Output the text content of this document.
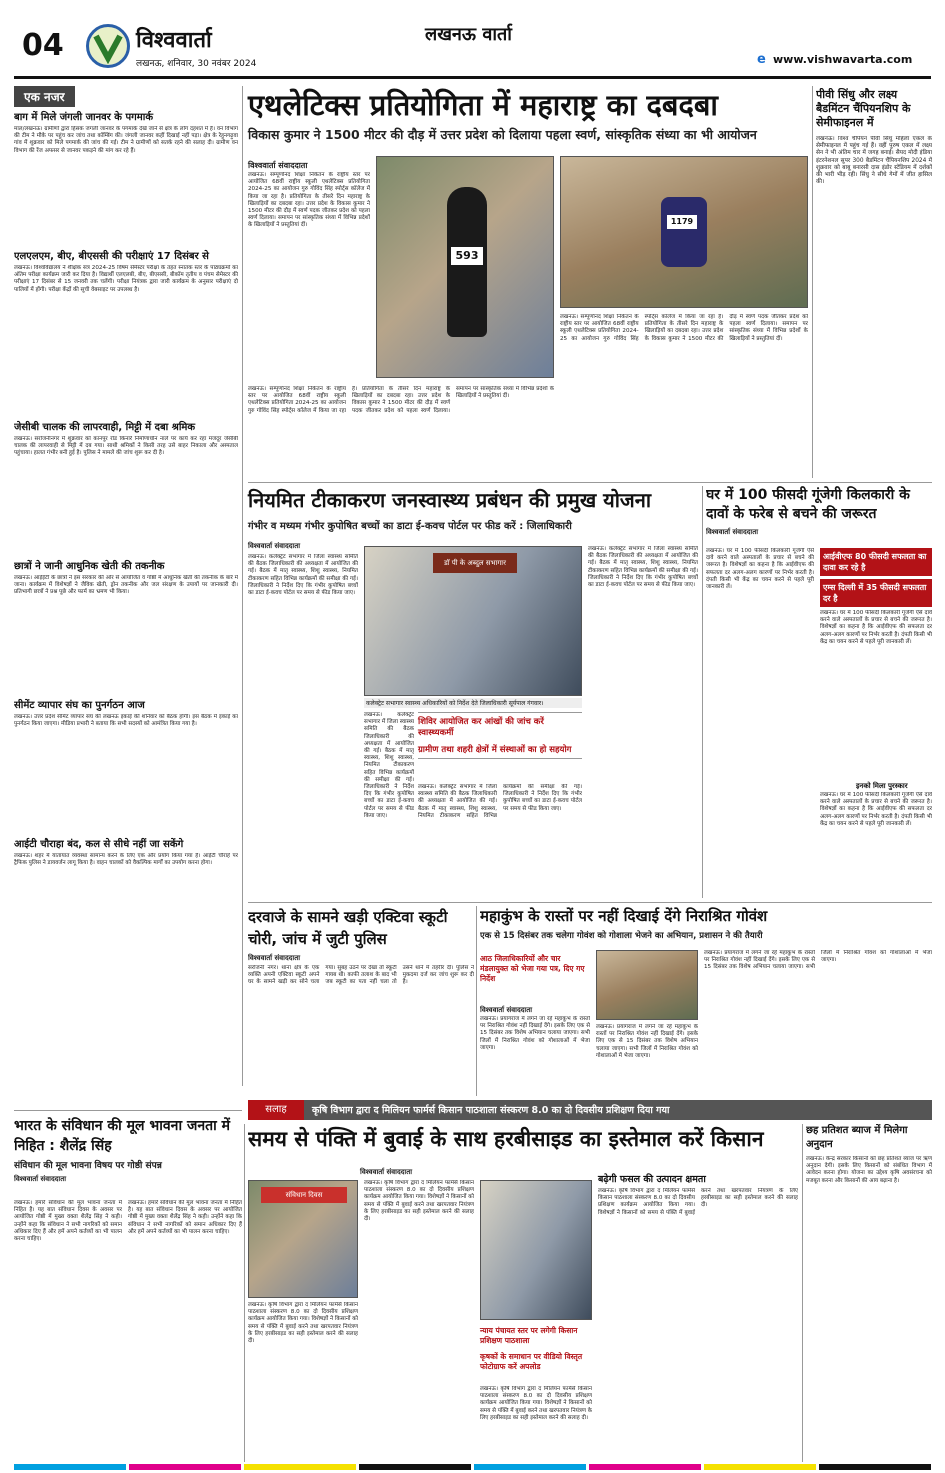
04	विश्ववार्ता
लखनऊ, शनिवार, 30 नवंबर 2024
लखनऊ वार्ता
e www.vishwavarta.com
एक नजर
बाग में मिले जंगली जानवर के पगमार्क
माल/लखनऊ। ग्रामीणों द्वारा हिंसक जंगली जानवर के पगमार्क देखे जाने से क्षेत्र के लोग दहशत में हैं। वन विभाग की टीम ने मौके पर पहुंच कर जांच तथा कॉम्बिंग की। जंगली जानवर कहीं दिखाई नहीं पड़ा। क्षेत्र के रेहुनगढ़ुवा गांव में शुक्रवार को मिले पगमार्क की जांच की गई। टीम ने ग्रामीणों को सतर्क रहने की सलाह दी। ग्रामीण वन विभाग की रेंज अफसर से जानवर पकड़ने की मांग कर रहे हैं।
एलएलएम, बीए, बीएससी की परीक्षाएं 17 दिसंबर से
लखनऊ। विश्वविद्यालय ने शैक्षिक सत्र 2024-25 विषम सेमेस्टर परीक्षा के तहत स्नातक स्तर के पाठ्यक्रमों का अंतिम परीक्षा कार्यक्रम जारी कर दिया है। विद्यार्थी एलएलबी, बीए, बीएससी, बीकॉम तृतीय व पंचम सेमेस्टर की परीक्षाएं 17 दिसंबर से 15 जनवरी तक चलेंगी। परीक्षा नियंत्रक द्वारा जारी कार्यक्रम के अनुसार परीक्षाएं दो पालियों में होंगी। परीक्षा केंद्रों की सूची वेबसाइट पर उपलब्ध है।
जेसीबी चालक की लापरवाही, मिट्टी में दबा श्रमिक
लखनऊ। सरोजनीनगर में शुक्रवार को कानपुर रोड किनारे निर्माणाधीन नाले पर कार्य कर रहा मजदूर जेसीबी चालक की लापरवाही से मिट्टी में दब गया। साथी श्रमिकों ने किसी तरह उसे बाहर निकाला और अस्पताल पहुंचाया। हालत गंभीर बनी हुई है। पुलिस ने मामले की जांच शुरू कर दी है।
छात्रों ने जानी आधुनिक खेती की तकनीक
लखनऊ। आईईटी के छात्रों ने इस सरकार की ओर से आयोजित व गोष्ठी में आधुनिक खेती की तकनीक के बारे में जाना। कार्यक्रम में विशेषज्ञों ने जैविक खेती, ड्रोन तकनीक और जल संरक्षण के उपायों पर जानकारी दी। प्रतिभागी छात्रों ने प्रश्न पूछे और फार्म का भ्रमण भी किया।
सीमेंट व्यापार संघ का पुनर्गठन आज
लखनऊ। उत्तर प्रदेश सीमेंट व्यापार संघ की लखनऊ इकाई की शनिवार को बैठक होगी। इस बैठक में इकाई का पुनर्गठन किया जाएगा। मीडिया प्रभारी ने बताया कि सभी सदस्यों को आमंत्रित किया गया है।
आईटी चौराहा बंद, कल से सीधे नहीं जा सकेंगे
लखनऊ। शहर में यातायात व्यवस्था सामान्य करने के लिए एक और प्रयोग किया गया है। आईटी चौराहे पर ट्रैफिक पुलिस ने डायवर्जन लागू किया है। वाहन चालकों को वैकल्पिक मार्गों का उपयोग करना होगा।
एथलेटिक्स प्रतियोगिता में महाराष्ट्र का दबदबा
विकास कुमार ने 1500 मीटर की दौड़ में उत्तर प्रदेश को दिलाया पहला स्वर्ण, सांस्कृतिक संध्या का भी आयोजन
विश्ववार्ता संवाददाता
लखनऊ। सम्पूर्णानंद शिक्षा निकेतन के राष्ट्रीय स्तर पर आयोजित 68वीं राष्ट्रीय स्कूली एथलेटिक्स प्रतियोगिता 2024-25 का आयोजन गुरु गोविंद सिंह स्पोर्ट्स कॉलेज में किया जा रहा है। प्रतियोगिता के तीसरे दिन महाराष्ट्र के खिलाड़ियों का दबदबा रहा। उत्तर प्रदेश के विकास कुमार ने 1500 मीटर की दौड़ में स्वर्ण पदक जीतकर प्रदेश को पहला स्वर्ण दिलाया। समापन पर सांस्कृतिक संध्या में विभिन्न प्रदेशों के खिलाड़ियों ने प्रस्तुतियां दीं।
593
1179
लखनऊ। सम्पूर्णानंद शिक्षा निकेतन के राष्ट्रीय स्तर पर आयोजित 68वीं राष्ट्रीय स्कूली एथलेटिक्स प्रतियोगिता 2024-25 का आयोजन गुरु गोविंद सिंह स्पोर्ट्स कॉलेज में किया जा रहा है। प्रतियोगिता के तीसरे दिन महाराष्ट्र के खिलाड़ियों का दबदबा रहा। उत्तर प्रदेश के विकास कुमार ने 1500 मीटर की दौड़ में स्वर्ण पदक जीतकर प्रदेश को पहला स्वर्ण दिलाया। समापन पर सांस्कृतिक संध्या में विभिन्न प्रदेशों के खिलाड़ियों ने प्रस्तुतियां दीं।
लखनऊ। सम्पूर्णानंद शिक्षा निकेतन के राष्ट्रीय स्तर पर आयोजित 68वीं राष्ट्रीय स्कूली एथलेटिक्स प्रतियोगिता 2024-25 का आयोजन गुरु गोविंद सिंह स्पोर्ट्स कॉलेज में किया जा रहा है। प्रतियोगिता के तीसरे दिन महाराष्ट्र के खिलाड़ियों का दबदबा रहा। उत्तर प्रदेश के विकास कुमार ने 1500 मीटर की दौड़ में स्वर्ण पदक जीतकर प्रदेश को पहला स्वर्ण दिलाया। समापन पर सांस्कृतिक संध्या में विभिन्न प्रदेशों के खिलाड़ियों ने प्रस्तुतियां दीं।
पीवी सिंधु और लक्ष्य बैडमिंटन चैंपियनशिप के सेमीफाइनल में
लखनऊ। विश्व चैंपियन पीवी सिंधु महिला एकल के सेमीफाइनल में पहुंच गई हैं। वहीं पुरुष एकल में लक्ष्य सेन ने भी अंतिम चार में जगह बनाई। सैयद मोदी इंडिया इंटरनेशनल सुपर 300 बैडमिंटन चैंपियनशिप 2024 में शुक्रवार को बाबू बनारसी दास इंडोर स्टेडियम में दर्शकों की भारी भीड़ रही। सिंधु ने सीधे गेमों में जीत हासिल की।
नियमित टीकाकरण जनस्वास्थ्य प्रबंधन की प्रमुख योजना
गंभीर व मध्यम गंभीर कुपोषित बच्चों का डाटा ई-कवच पोर्टल पर फीड करें : जिलाधिकारी
विश्ववार्ता संवाददाता
लखनऊ। कलेक्ट्रेट सभागार में जिला स्वास्थ्य समिति की बैठक जिलाधिकारी की अध्यक्षता में आयोजित की गई। बैठक में मातृ स्वास्थ्य, शिशु स्वास्थ्य, नियमित टीकाकरण सहित विभिन्न कार्यक्रमों की समीक्षा की गई। जिलाधिकारी ने निर्देश दिए कि गंभीर कुपोषित बच्चों का डाटा ई-कवच पोर्टल पर समय से फीड किया जाए।
डॉ पी के अब्दुल सभागार
कलेक्ट्रेट सभागार स्वास्थ्य अधिकारियों को निर्देश देते जिलाधिकारी सूर्यपाल गंगवार।
लखनऊ। कलेक्ट्रेट सभागार में जिला स्वास्थ्य समिति की बैठक जिलाधिकारी की अध्यक्षता में आयोजित की गई। बैठक में मातृ स्वास्थ्य, शिशु स्वास्थ्य, नियमित टीकाकरण सहित विभिन्न कार्यक्रमों की समीक्षा की गई। जिलाधिकारी ने निर्देश दिए कि गंभीर कुपोषित बच्चों का डाटा ई-कवच पोर्टल पर समय से फीड किया जाए।
शिविर आयोजित कर आंखों की जांच करें स्वास्थ्यकर्मी
ग्रामीण तथा शहरी क्षेत्रों में संस्थाओं का हो सहयोग
लखनऊ। कलेक्ट्रेट सभागार में जिला स्वास्थ्य समिति की बैठक जिलाधिकारी की अध्यक्षता में आयोजित की गई। बैठक में मातृ स्वास्थ्य, शिशु स्वास्थ्य, नियमित टीकाकरण सहित विभिन्न कार्यक्रमों की समीक्षा की गई। जिलाधिकारी ने निर्देश दिए कि गंभीर कुपोषित बच्चों का डाटा ई-कवच पोर्टल पर समय से फीड किया जाए।
लखनऊ। कलेक्ट्रेट सभागार में जिला स्वास्थ्य समिति की बैठक जिलाधिकारी की अध्यक्षता में आयोजित की गई। बैठक में मातृ स्वास्थ्य, शिशु स्वास्थ्य, नियमित टीकाकरण सहित विभिन्न कार्यक्रमों की समीक्षा की गई। जिलाधिकारी ने निर्देश दिए कि गंभीर कुपोषित बच्चों का डाटा ई-कवच पोर्टल पर समय से फीड किया जाए।
घर में 100 फीसदी गूंजेगी किलकारी के दावों के फरेब से बचने की जरूरत
विश्ववार्ता संवाददाता
लखनऊ। घर में 100 फीसदी किलकारी गूंजेगी ऐसे दावे करने वाले अस्पतालों के प्रचार से बचने की जरूरत है। विशेषज्ञों का कहना है कि आईवीएफ की सफलता दर अलग-अलग कारणों पर निर्भर करती है। दंपती किसी भी केंद्र का चयन करने से पहले पूरी जानकारी लें।
आईवीएफ 80 फीसदी सफलता का दावा कर रहे है
एम्स दिल्ली में 35 फीसदी सफलता दर है
लखनऊ। घर में 100 फीसदी किलकारी गूंजेगी ऐसे दावे करने वाले अस्पतालों के प्रचार से बचने की जरूरत है। विशेषज्ञों का कहना है कि आईवीएफ की सफलता दर अलग-अलग कारणों पर निर्भर करती है। दंपती किसी भी केंद्र का चयन करने से पहले पूरी जानकारी लें।
इनको मिला पुरस्कार
लखनऊ। घर में 100 फीसदी किलकारी गूंजेगी ऐसे दावे करने वाले अस्पतालों के प्रचार से बचने की जरूरत है। विशेषज्ञों का कहना है कि आईवीएफ की सफलता दर अलग-अलग कारणों पर निर्भर करती है। दंपती किसी भी केंद्र का चयन करने से पहले पूरी जानकारी लें।
दरवाजे के सामने खड़ी एक्टिवा स्कूटी चोरी, जांच में जुटी पुलिस
विश्ववार्ता संवाददाता
सरोजनी नगर। थाना क्षेत्र के एक व्यक्ति अपनी एक्टिवा स्कूटी अपने घर के सामने खड़ी कर सोने चला गया। सुबह उठने पर देखा तो स्कूटी गायब थी। काफी तलाश के बाद भी जब स्कूटी का पता नहीं चला तो उसने थाने में तहरीर दी। पुलिस ने मुकदमा दर्ज कर जांच शुरू कर दी है।
महाकुंभ के रास्तों पर नहीं दिखाई देंगे निराश्रित गोवंश
एक से 15 दिसंबर तक चलेगा गोवंश को गोशाला भेजने का अभियान, प्रशासन ने की तैयारी
आठ जिलाधिकारियों और चार मंडलायुक्त को भेजा गया पत्र, दिए गए निर्देश
विश्ववार्ता संवाददाता
लखनऊ। प्रयागराज में लगने जा रहे महाकुंभ के रास्तों पर निराश्रित गोवंश नहीं दिखाई देंगे। इसके लिए एक से 15 दिसंबर तक विशेष अभियान चलाया जाएगा। सभी जिलों में निराश्रित गोवंश को गोशालाओं में भेजा जाएगा।
लखनऊ। प्रयागराज में लगने जा रहे महाकुंभ के रास्तों पर निराश्रित गोवंश नहीं दिखाई देंगे। इसके लिए एक से 15 दिसंबर तक विशेष अभियान चलाया जाएगा। सभी जिलों में निराश्रित गोवंश को गोशालाओं में भेजा जाएगा।
लखनऊ। प्रयागराज में लगने जा रहे महाकुंभ के रास्तों पर निराश्रित गोवंश नहीं दिखाई देंगे। इसके लिए एक से 15 दिसंबर तक विशेष अभियान चलाया जाएगा। सभी जिलों में निराश्रित गोवंश को गोशालाओं में भेजा जाएगा।
सलाह	कृषि विभाग द्वारा द मिलियन फार्मर्स किसान पाठशाला संस्करण 8.0 का दो दिवसीय प्रशिक्षण दिया गया
भारत के संविधान की मूल भावना जनता में निहित : शैलेंद्र सिंह
संविधान की मूल भावना विषय पर गोष्ठी संपन्न
विश्ववार्ता संवाददाता
लखनऊ। हमारे संविधान की मूल भावना जनता में निहित है। यह बात संविधान दिवस के अवसर पर आयोजित गोष्ठी में मुख्य वक्ता शैलेंद्र सिंह ने कही। उन्होंने कहा कि संविधान ने सभी नागरिकों को समान अधिकार दिए हैं और हमें अपने कर्तव्यों का भी पालन करना चाहिए।
लखनऊ। हमारे संविधान की मूल भावना जनता में निहित है। यह बात संविधान दिवस के अवसर पर आयोजित गोष्ठी में मुख्य वक्ता शैलेंद्र सिंह ने कही। उन्होंने कहा कि संविधान ने सभी नागरिकों को समान अधिकार दिए हैं और हमें अपने कर्तव्यों का भी पालन करना चाहिए।
संविधान दिवस
समय से पंक्ति में बुवाई के साथ हरबीसाइड का इस्तेमाल करें किसान
विश्ववार्ता संवाददाता
लखनऊ। कृषि विभाग द्वारा द मिलियन फार्मर्स किसान पाठशाला संस्करण 8.0 का दो दिवसीय प्रशिक्षण कार्यक्रम आयोजित किया गया। विशेषज्ञों ने किसानों को समय से पंक्ति में बुवाई करने तथा खरपतवार नियंत्रण के लिए हरबीसाइड का सही इस्तेमाल करने की सलाह दी।
लखनऊ। कृषि विभाग द्वारा द मिलियन फार्मर्स किसान पाठशाला संस्करण 8.0 का दो दिवसीय प्रशिक्षण कार्यक्रम आयोजित किया गया। विशेषज्ञों ने किसानों को समय से पंक्ति में बुवाई करने तथा खरपतवार नियंत्रण के लिए हरबीसाइड का सही इस्तेमाल करने की सलाह दी।
न्याय पंचायत स्तर पर लगेगी किसान प्रशिक्षण पाठशाला
कृषकों के समाधान पर वीडियो विस्तृत फोटोग्राफ करें अपलोड
लखनऊ। कृषि विभाग द्वारा द मिलियन फार्मर्स किसान पाठशाला संस्करण 8.0 का दो दिवसीय प्रशिक्षण कार्यक्रम आयोजित किया गया। विशेषज्ञों ने किसानों को समय से पंक्ति में बुवाई करने तथा खरपतवार नियंत्रण के लिए हरबीसाइड का सही इस्तेमाल करने की सलाह दी।
बढ़ेगी फसल की उत्पादन क्षमता
लखनऊ। कृषि विभाग द्वारा द मिलियन फार्मर्स किसान पाठशाला संस्करण 8.0 का दो दिवसीय प्रशिक्षण कार्यक्रम आयोजित किया गया। विशेषज्ञों ने किसानों को समय से पंक्ति में बुवाई करने तथा खरपतवार नियंत्रण के लिए हरबीसाइड का सही इस्तेमाल करने की सलाह दी।
छह प्रतिशत ब्याज में मिलेगा अनुदान
लखनऊ। केन्द्र सरकार किसानों को छह प्रतिशत ब्याज पर ऋण अनुदान देगी। इसके लिए किसानों को संबंधित विभाग में आवेदन करना होगा। योजना का उद्देश्य कृषि अवसंरचना को मजबूत करना और किसानों की आय बढ़ाना है।
